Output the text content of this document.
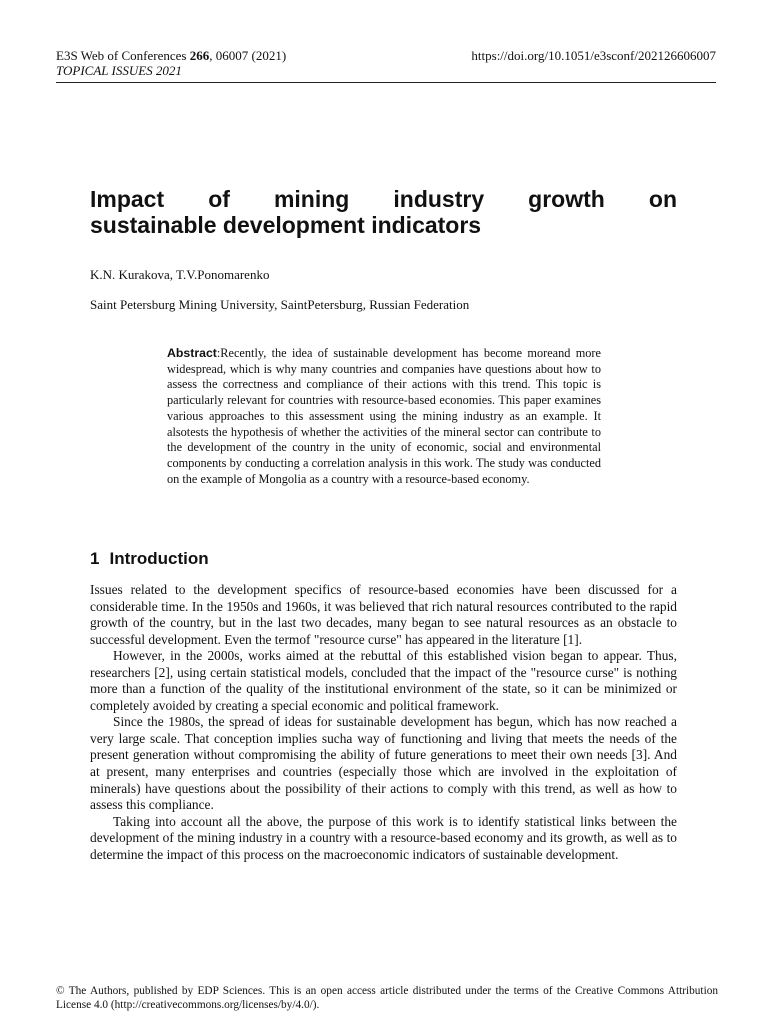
E3S Web of Conferences 266, 06007 (2021)
TOPICAL ISSUES 2021
https://doi.org/10.1051/e3sconf/202126606007
Impact of mining industry growth on
sustainable development indicators
K.N. Kurakova, T.V.Ponomarenko
Saint Petersburg Mining University, SaintPetersburg, Russian Federation
Abstract:Recently, the idea of sustainable development has become moreand more widespread, which is why many countries and companies have questions about how to assess the correctness and compliance of their actions with this trend. This topic is particularly relevant for countries with resource-based economies. This paper examines various approaches to this assessment using the mining industry as an example. It alsotests the hypothesis of whether the activities of the mineral sector can contribute to the development of the country in the unity of economic, social and environmental components by conducting a correlation analysis in this work. The study was conducted on the example of Mongolia as a country with a resource-based economy.
1 Introduction

Issues related to the development specifics of resource-based economies have been discussed for a considerable time. In the 1950s and 1960s, it was believed that rich natural resources contributed to the rapid growth of the country, but in the last two decades, many began to see natural resources as an obstacle to successful development. Even the termof "resource curse" has appeared in the literature [1].

However, in the 2000s, works aimed at the rebuttal of this established vision began to appear. Thus, researchers [2], using certain statistical models, concluded that the impact of the "resource curse" is nothing more than a function of the quality of the institutional environment of the state, so it can be minimized or completely avoided by creating a special economic and political framework.

Since the 1980s, the spread of ideas for sustainable development has begun, which has now reached a very large scale. That conception implies sucha way of functioning and living that meets the needs of the present generation without compromising the ability of future generations to meet their own needs [3]. And at present, many enterprises and countries (especially those which are involved in the exploitation of minerals) have questions about the possibility of their actions to comply with this trend, as well as how to assess this compliance.

Taking into account all the above, the purpose of this work is to identify statistical links between the development of the mining industry in a country with a resource-based economy and its growth, as well as to determine the impact of this process on the macroeconomic indicators of sustainable development.

© The Authors, published by EDP Sciences. This is an open access article distributed under the terms of the Creative Commons Attribution License 4.0 (http://creativecommons.org/licenses/by/4.0/).
